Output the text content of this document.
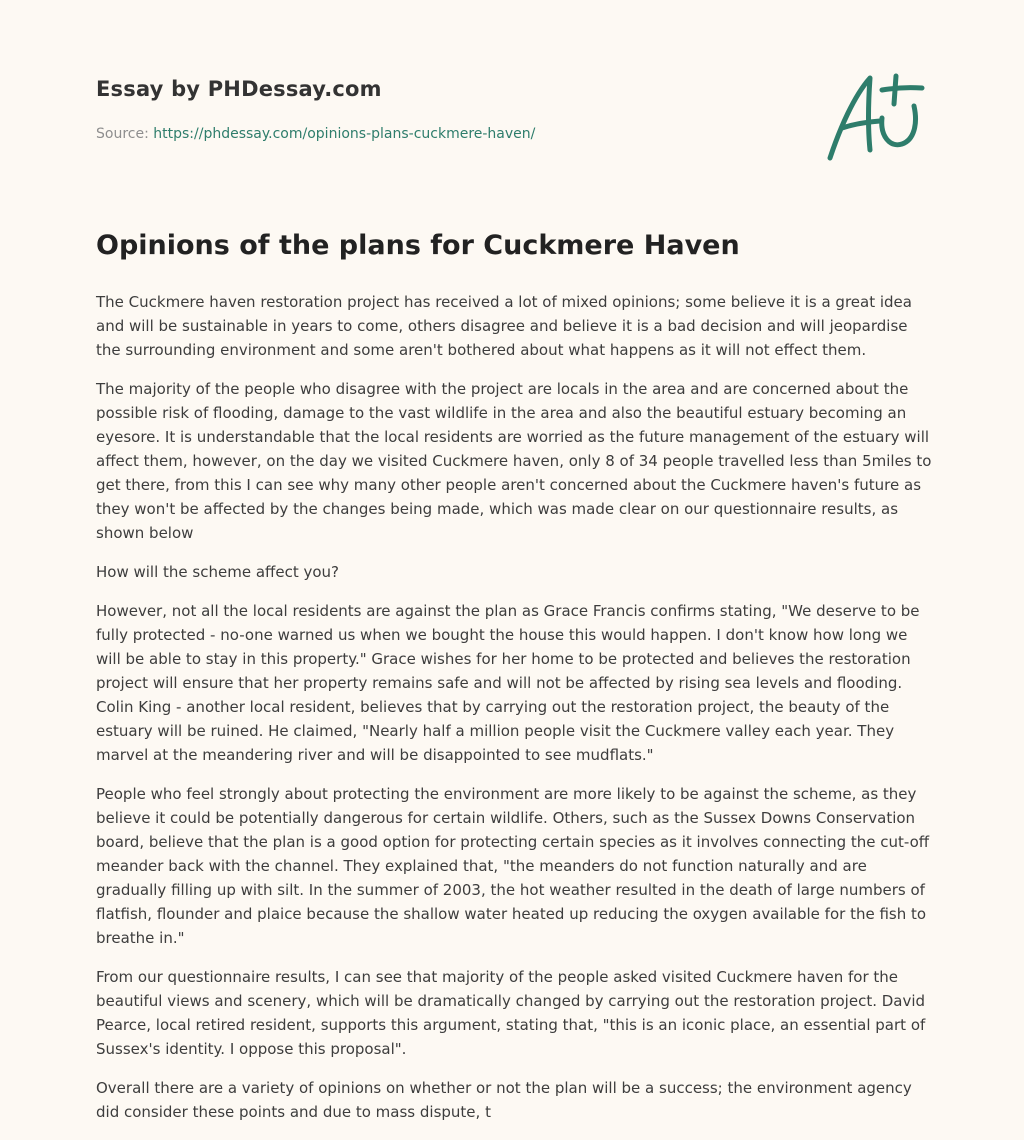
Essay by PHDessay.com
Source: https://phdessay.com/opinions-plans-cuckmere-haven/
Opinions of the plans for Cuckmere Haven

The Cuckmere haven restoration project has received a lot of mixed opinions; some believe it is a great idea and will be sustainable in years to come, others disagree and believe it is a bad decision and will jeopardise the surrounding environment and some aren't bothered about what happens as it will not effect them.

The majority of the people who disagree with the project are locals in the area and are concerned about the possible risk of flooding, damage to the vast wildlife in the area and also the beautiful estuary becoming an eyesore. It is understandable that the local residents are worried as the future management of the estuary will affect them, however, on the day we visited Cuckmere haven, only 8 of 34 people travelled less than 5miles to get there, from this I can see why many other people aren't concerned about the Cuckmere haven's future as they won't be affected by the changes being made, which was made clear on our questionnaire results, as shown below

How will the scheme affect you?

However, not all the local residents are against the plan as Grace Francis confirms stating, "We deserve to be fully protected - no-one warned us when we bought the house this would happen. I don't know how long we will be able to stay in this property." Grace wishes for her home to be protected and believes the restoration project will ensure that her property remains safe and will not be affected by rising sea levels and flooding. Colin King - another local resident, believes that by carrying out the restoration project, the beauty of the estuary will be ruined. He claimed, "Nearly half a million people visit the Cuckmere valley each year. They marvel at the meandering river and will be disappointed to see mudflats."

People who feel strongly about protecting the environment are more likely to be against the scheme, as they believe it could be potentially dangerous for certain wildlife. Others, such as the Sussex Downs Conservation board, believe that the plan is a good option for protecting certain species as it involves connecting the cut-off meander back with the channel. They explained that, "the meanders do not function naturally and are gradually filling up with silt. In the summer of 2003, the hot weather resulted in the death of large numbers of flatfish, flounder and plaice because the shallow water heated up reducing the oxygen available for the fish to breathe in."

From our questionnaire results, I can see that majority of the people asked visited Cuckmere haven for the beautiful views and scenery, which will be dramatically changed by carrying out the restoration project. David Pearce, local retired resident, supports this argument, stating that, "this is an iconic place, an essential part of Sussex's identity. I oppose this proposal".

Overall there are a variety of opinions on whether or not the plan will be a success; the environment agency did consider these points and due to mass dispute, t
